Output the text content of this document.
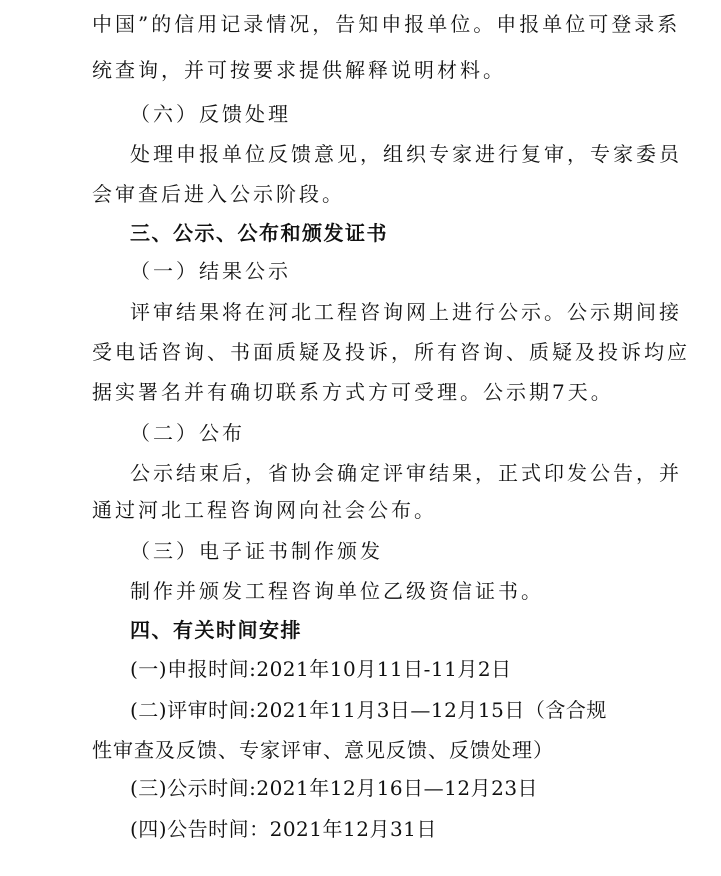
中国”的信用记录情况，告知申报单位。申报单位可登录系
统查询，并可按要求提供解释说明材料。
（六）反馈处理
处理申报单位反馈意见，组织专家进行复审，专家委员
会审查后进入公示阶段。
三、公示、公布和颁发证书
（一）结果公示
评审结果将在河北工程咨询网上进行公示。公示期间接
受电话咨询、书面质疑及投诉，所有咨询、质疑及投诉均应
据实署名并有确切联系方式方可受理。公示期7天。
（二）公布
公示结束后，省协会确定评审结果，正式印发公告，并
通过河北工程咨询网向社会公布。
（三）电子证书制作颁发
制作并颁发工程咨询单位乙级资信证书。
四、有关时间安排
(一)申报时间:2021年10月11日-11月2日
(二)评审时间:2021年11月3日—12月15日（含合规
性审查及反馈、专家评审、意见反馈、反馈处理）
(三)公示时间:2021年12月16日—12月23日
(四)公告时间：2021年12月31日
